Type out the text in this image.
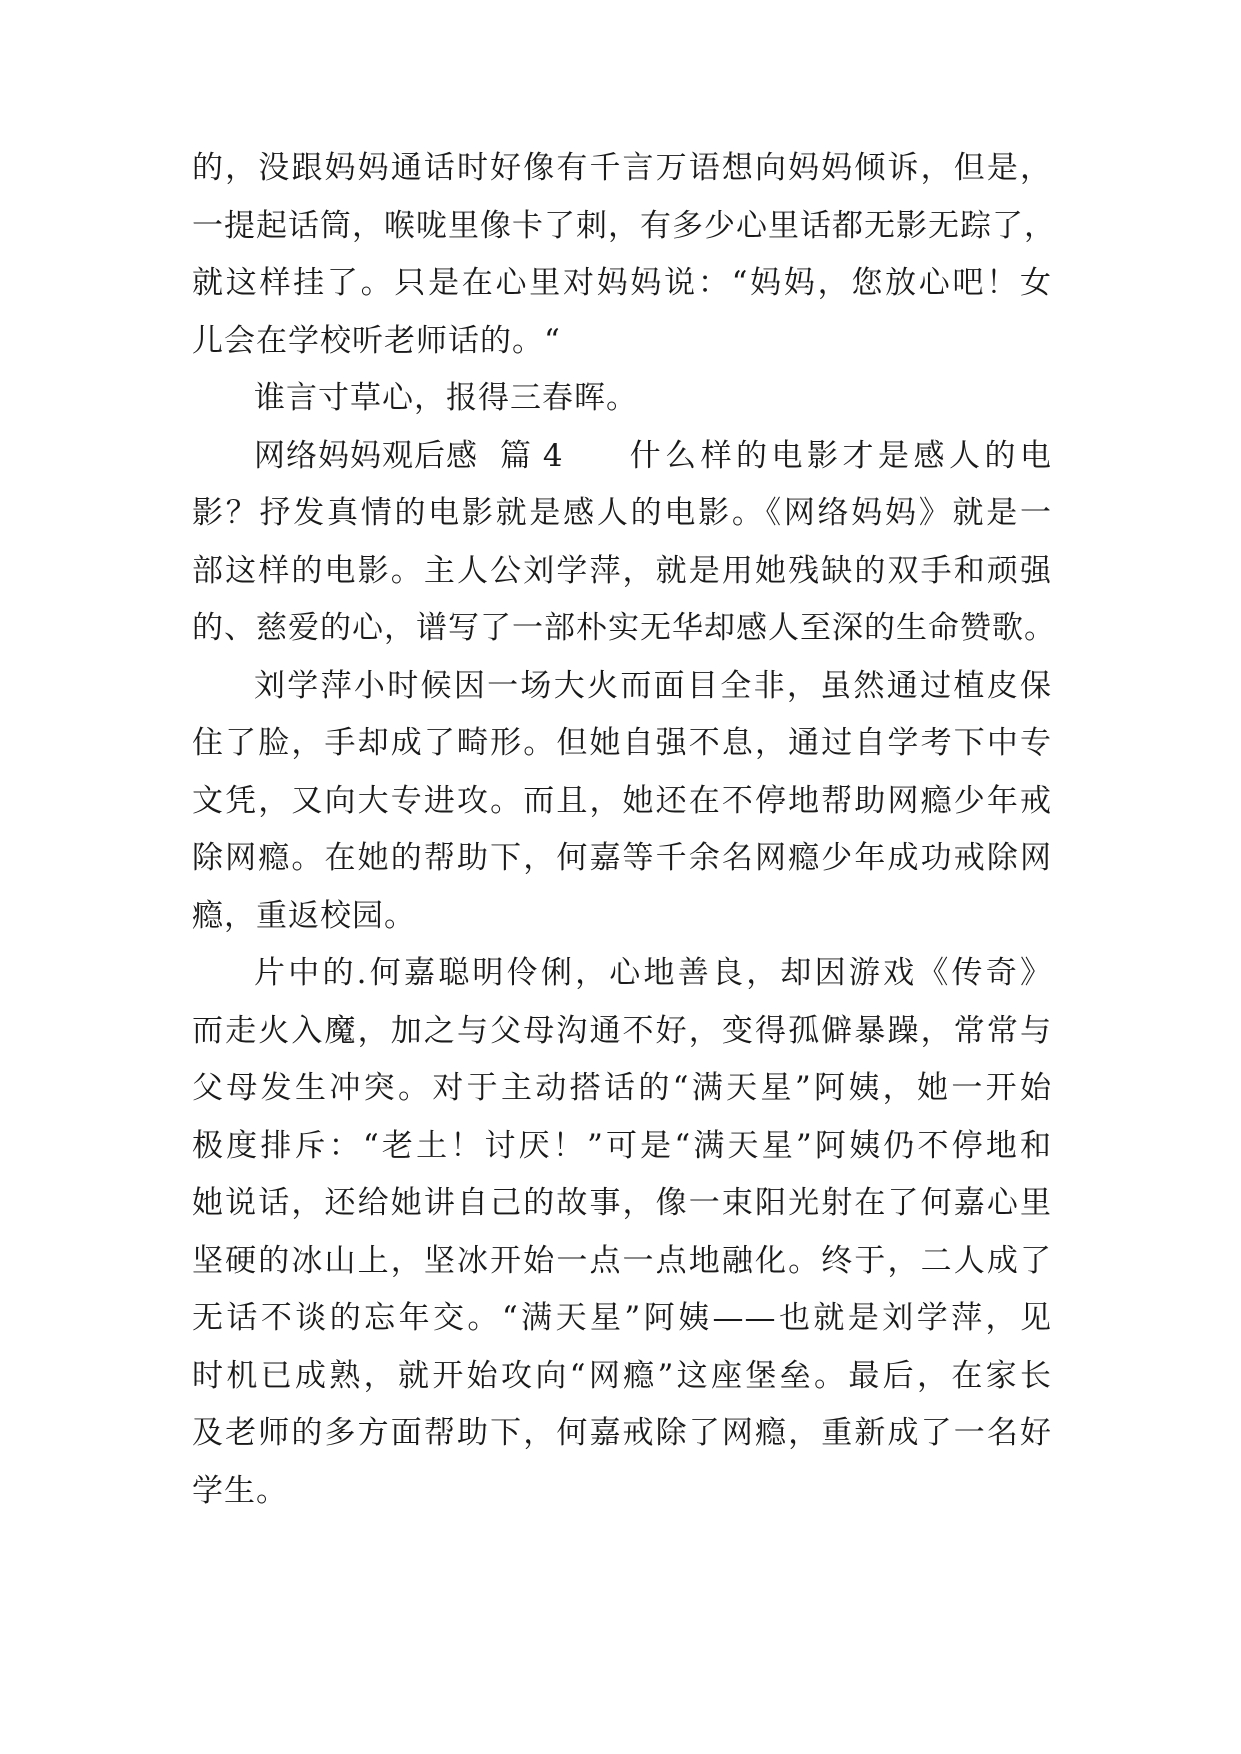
的，没跟妈妈通话时好像有千言万语想向妈妈倾诉，但是，
一提起话筒，喉咙里像卡了刺，有多少心里话都无影无踪了，
就这样挂了。只是在心里对妈妈说：“妈妈，您放心吧！女
儿会在学校听老师话的。“
谁言寸草心，报得三春晖。
网络妈妈观后感 篇 4 什么样的电影才是感人的电
影？抒发真情的电影就是感人的电影。《网络妈妈》就是一
部这样的电影。主人公刘学萍，就是用她残缺的双手和顽强
的、慈爱的心，谱写了一部朴实无华却感人至深的生命赞歌。
刘学萍小时候因一场大火而面目全非，虽然通过植皮保
住了脸，手却成了畸形。但她自强不息，通过自学考下中专
文凭，又向大专进攻。而且，她还在不停地帮助网瘾少年戒
除网瘾。在她的帮助下，何嘉等千余名网瘾少年成功戒除网
瘾，重返校园。
片中的.何嘉聪明伶俐，心地善良，却因游戏《传奇》
而走火入魔，加之与父母沟通不好，变得孤僻暴躁，常常与
父母发生冲突。对于主动搭话的“满天星”阿姨，她一开始
极度排斥：“老土！讨厌！”可是“满天星”阿姨仍不停地和
她说话，还给她讲自己的故事，像一束阳光射在了何嘉心里
坚硬的冰山上，坚冰开始一点一点地融化。终于，二人成了
无话不谈的忘年交。“满天星”阿姨——也就是刘学萍，见
时机已成熟，就开始攻向“网瘾”这座堡垒。最后，在家长
及老师的多方面帮助下，何嘉戒除了网瘾，重新成了一名好
学生。
